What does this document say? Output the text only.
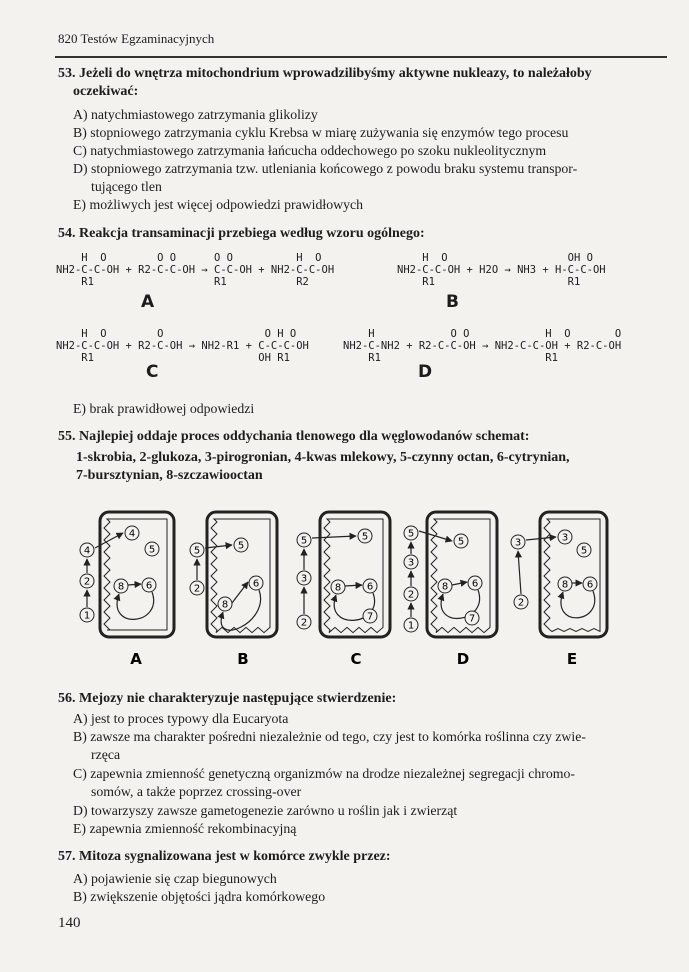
820 Testów Egzaminacyjnych
53. Jeżeli do wnętrza mitochondrium wprowadzilibyśmy aktywne nukleazy, to należałoby
oczekiwać:
A) natychmiastowego zatrzymania glikolizy
B) stopniowego zatrzymania cyklu Krebsa w miarę zużywania się enzymów tego procesu
C) natychmiastowego zatrzymania łańcucha oddechowego po szoku nukleolitycznym
D) stopniowego zatrzymania tzw. utleniania końcowego z powodu braku systemu transpor-
tującego tlen
E) możliwych jest więcej odpowiedzi prawidłowych
54. Reakcja transaminacji przebiega według wzoru ogólnego:
H  O        O O      O O          H  O
NH2-C-C-OH + R2-C-C-OH → C-C-OH + NH2-C-C-OH
R1                   R1           R2
A
H  O                   OH O
NH2-C-C-OH + H2O → NH3 + H-C-C-OH
R1                     R1
B
H  O        O                O H O
NH2-C-C-OH + R2-C-OH → NH2-R1 + C-C-C-OH
R1                          OH R1
C
H            O O            H  O       O
NH2-C-NH2 + R2-C-C-OH → NH2-C-C-OH + R2-C-OH
R1                          R1
D
E) brak prawidłowej odpowiedzi
55. Najlepiej oddaje proces oddychania tlenowego dla węglowodanów schemat:
1-skrobia, 2-glukoza, 3-pirogronian, 4-kwas mlekowy, 5-czynny octan, 6-cytrynian,
7-bursztynian, 8-szczawiooctan
4
2
1
4
5
8 6
A
5
2
5
6
8
B
5
3
2
5
8	6
7
C
5
3
2
1
5
8 6
7
D
3
2
3
5
8 6
E
56. Mejozy nie charakteryzuje następujące stwierdzenie:
A) jest to proces typowy dla Eucaryota
B) zawsze ma charakter pośredni niezależnie od tego, czy jest to komórka roślinna czy zwie-
rzęca
C) zapewnia zmienność genetyczną organizmów na drodze niezależnej segregacji chromo-
somów, a także poprzez crossing-over
D) towarzyszy zawsze gametogenezie zarówno u roślin jak i zwierząt
E) zapewnia zmienność rekombinacyjną
57. Mitoza sygnalizowana jest w komórce zwykle przez:
A) pojawienie się czap biegunowych
B) zwiększenie objętości jądra komórkowego
140
